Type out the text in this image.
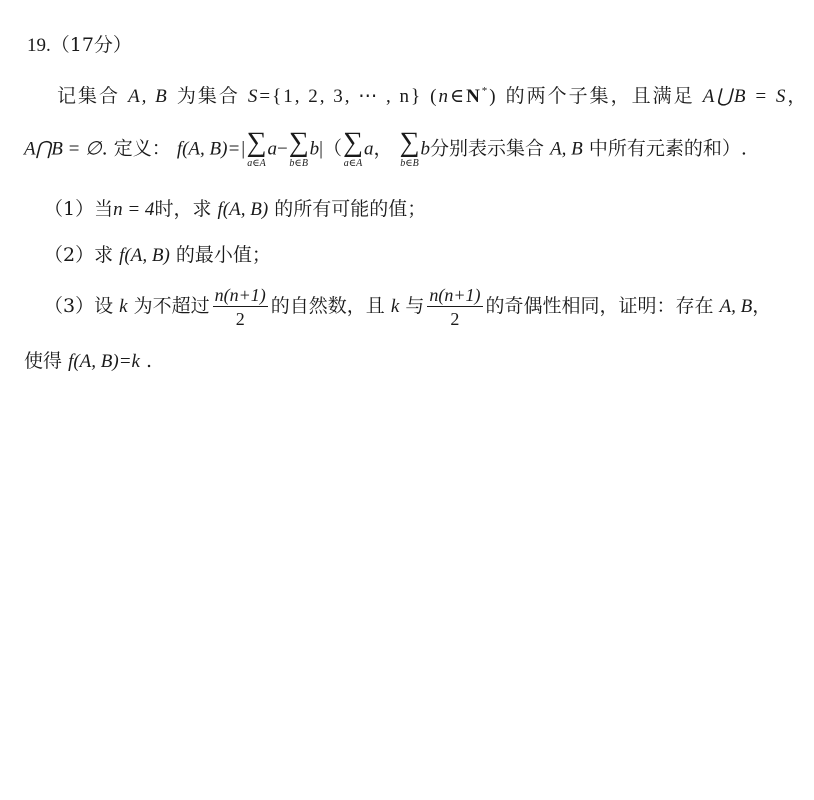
19.（17分）
记集合 A, B 为集合 S={1, 2, 3, ⋯ , n} (n∈N*) 的两个子集，且满足 A⋃B = S，
A⋂B = ∅. 定义： f(A, B)=| ∑
a∈A
a− ∑
b∈B
b|（ ∑
a∈A
a， ∑
b∈B
b分别表示集合 A, B 中所有元素的和）.
（1）当n = 4时，求 f(A, B) 的所有可能的值；
（2）求 f(A, B) 的最小值；
（3）设 k 为不超过 $\frac{n(n+1)}{2}$ 的自然数，且 k 与 $\frac{n(n+1)}{2}$ 的奇偶性相同，证明：存在 A, B，
使得 f(A, B)=k .
